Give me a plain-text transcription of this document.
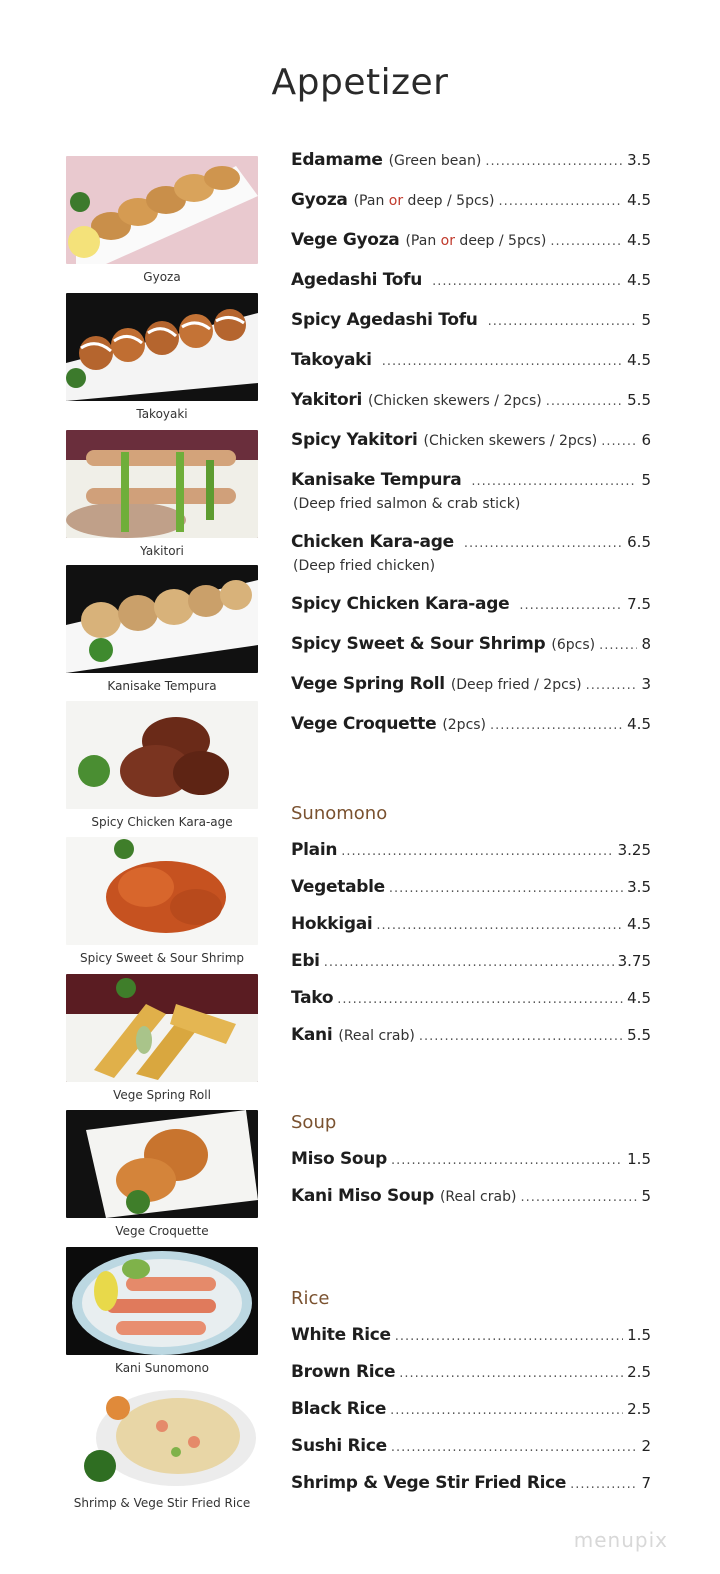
Appetizer
Gyoza
Takoyaki
Yakitori
Kanisake Tempura
Spicy Chicken Kara-age
Spicy Sweet & Sour Shrimp
Vege Spring Roll
Vege Croquette
Kani Sunomono
Shrimp & Vege Stir Fried Rice
Edamame (Green bean) .....	3.5
Gyoza (Pan or deep / 5pcs) .....	4.5
Vege Gyoza (Pan or deep / 5pcs) .....	4.5
Agedashi Tofu .....	4.5
Spicy Agedashi Tofu .....	5
Takoyaki .....	4.5
Yakitori (Chicken skewers / 2pcs) .....	5.5
Spicy Yakitori (Chicken skewers / 2pcs) .....	6
Kanisake Tempura .....	5
(Deep fried salmon & crab stick)
Chicken Kara-age .....	6.5
(Deep fried chicken)
Spicy Chicken Kara-age .....	7.5
Spicy Sweet & Sour Shrimp (6pcs) .....	8
Vege Spring Roll (Deep fried / 2pcs) .....	3
Vege Croquette (2pcs) .....	4.5
Sunomono
Plain .....	3.25
Vegetable .....	3.5
Hokkigai .....	4.5
Ebi .....	3.75
Tako .....	4.5
Kani (Real crab) .....	5.5
Soup
Miso Soup .....	1.5
Kani Miso Soup (Real crab) .....	5
Rice
White Rice .....	1.5
Brown Rice .....	2.5
Black Rice .....	2.5
Sushi Rice .....	2
Shrimp & Vege Stir Fried Rice .....	7
menupix
